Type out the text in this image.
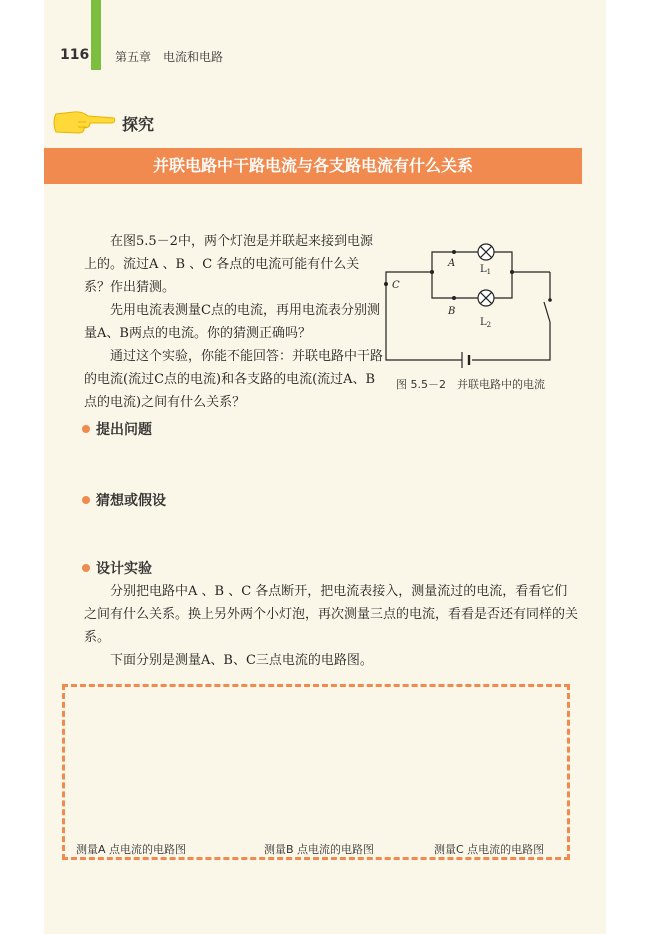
116 第五章　电流和电路
探究
并联电路中干路电流与各支路电流有什么关系

在图5.5－2中，两个灯泡是并联起来接到电源上的。流过A 、B 、C 各点的电流可能有什么关系？作出猜测。

先用电流表测量C点的电流，再用电流表分别测量A、B两点的电流。你的猜测正确吗？

通过这个实验，你能不能回答：并联电路中干路的电流(流过C点的电流)和各支路的电流(流过A、B点的电流)之间有什么关系？

A
B
C
$L_1$
$L_2$
图 5.5－2　并联电路中的电流
提出问题
猜想或假设
设计实验

分别把电路中A 、B 、C 各点断开，把电流表接入，测量流过的电流，看看它们之间有什么关系。换上另外两个小灯泡，再次测量三点的电流，看看是否还有同样的关系。

下面分别是测量A、B、C三点电流的电路图。

测量A 点电流的电路图	测量B 点电流的电路图	测量C 点电流的电路图
